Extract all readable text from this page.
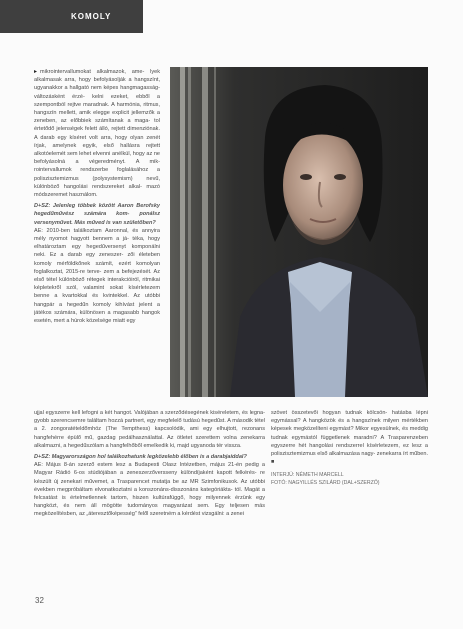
KOMOLY

▸ mikrointervallumokat alkalmazok, ame- lyek alkalmasak arra, hogy befolyásolják a hangszínt, ugyanakkor a hallgató nem képes hangmagasság-változásként érzé- kelni ezeket, ebből a szempontból rejtve maradnak. A harmónia, ritmus, hangszín mellett, amik elegge explicit jellemzők a zeneben, az előbbiek számítanak a maga- tol értetődő jelenségek felett álló, rejtett dimenziónak. A darab egy kíséret volt arra, hogy olyan zenét írjak, amelynek egyik, első hallásra rejtett alkotóelemét sem lehet elvenni anélkül, hogy az ne befolyásolná a végeredményt. A mik- rointervallumok rendszerbe foglalásához a poliszisztemizmus (polysystemism) nevű, különböző hangolási rendszereket alkal- mazó módszeremet használom.

D+SZ: Jelenleg többek között Aaron Berofsky hegedűművész számára kom- ponálsz versenyművet. Más műved is van születőben?

AE: 2010-ben találkoztam Aaronnal, és annyira mély nyomot hagyott bennem a já- téka, hogy elhatároztam egy hegedűversenyt komponálni neki. Ez a darab egy zeneszer- zői életeben komoly mérföldkőnek számít, ezért komolyan foglalkoztat, 2015-re terve- zem a befejezését. Az első tétel különböző rétegek interakcióiról, ritmikai képletekről szól, valamint sokat kísérletezem benne a kvartokkal és kvintekkel. Az utóbbi hangpár a hegedűn komoly kihívást jelent a játékos számára, különösen a magasabb hangok esetén, mert a húrok közelsége miatt egy

ujjal egyszerre kell lefogni a két hangot. Valójában a szerződésegének kiséreletem, és legna- gyobb szerencsemre találtam hozzá partnert, egy megfelelő tudású hegedűst. A második tétel a 2. zongoratételdőmhöz (The Tempthess) kapcsolódik, ami egy elhujtott, rezonans hangfehérre épülő mű, gazdag pedálhasználattal. Az ötletet szerettem volna zenekarra alkalmazni, a hegedűszólam a hangfelhőből emelkedik ki, majd ugyanoda tér vissza.

D+SZ: Magyarországon hol találkozhatunk legközelebb élőben is a darabjaiddal?

AE: Május 8-án szerző estem lesz a Budapesti Olasz Intézetben, május 21-én pedig a Magyar Rádió 6-os stúdiójában a zeneszerzőversseny különdíjaként kapott felkérés- re készült új zenekari művemet, a Trasparencet mutatja be az MR Szimfonikusok. Az utóbbi években megpróbáltam elvonatkoztatni a konszonáns-disszonáns kategóriákta- tól. Magát a felcsatást is értelmetlennek tartom, hiszen kultúrafüggő, hogy milyennek érzünk egy hangközt, és nem áll mögötte tudományos magyarázat sem. Egy teljesen más megközelítésben, az „áteresztőképesség” felől szeretném a kérdést vizsgálni: a zenei

szövet összetevői hogyan tudnak kölcsön- hatásba lépni egymással? A hangközök és a hangszínek milyen mértékben képesek megközelíteni egymást? Mikor egyesülnek, és meddig tudnak egymástól függetlenek maradni? A Trasparenzeben egyszerre hét hangolási rendszerrel kísérletezem, ez lesz a poliszisztemizmus első alkalmazása nagy- zenekarra írt műben. ■

INTERJÚ: NÉMETH MARCELL
FOTÓ: NAGYILLÉS SZILÁRD (DAL+SZERZŐ)

32
